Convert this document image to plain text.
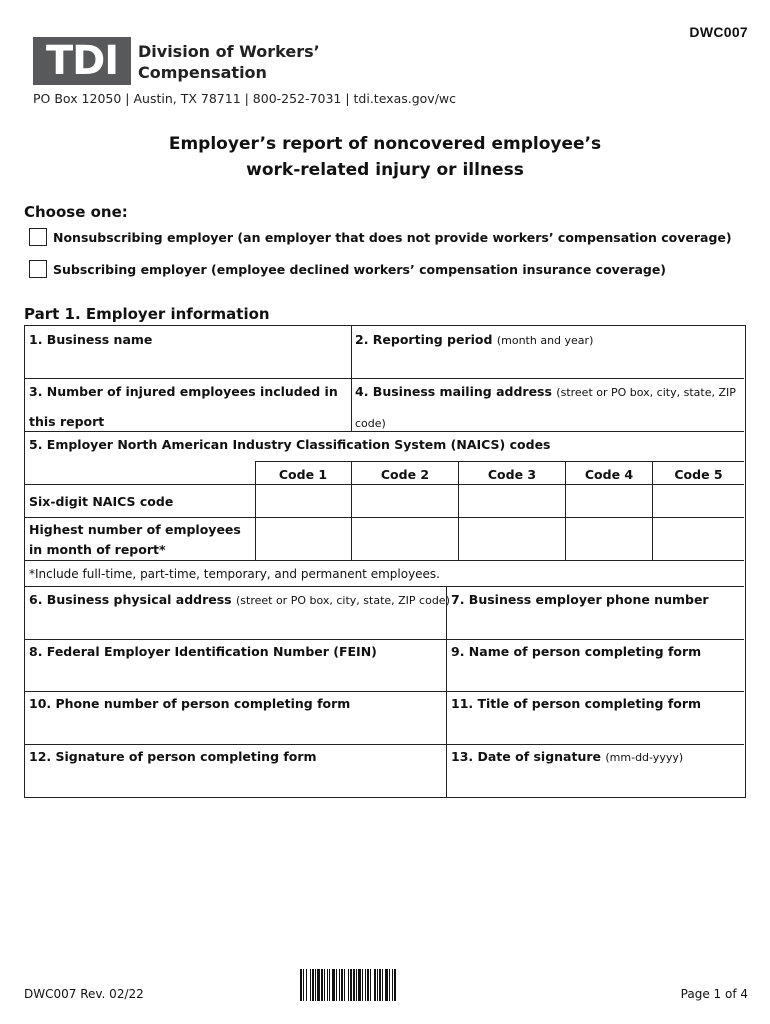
DWC007
TDI	Division of Workers’
Compensation
PO Box 12050 | Austin, TX 78711 | 800-252-7031 | tdi.texas.gov/wc
Employer’s report of noncovered employee’s
work-related injury or illness
Choose one:
Nonsubscribing employer (an employer that does not provide workers’ compensation coverage)
Subscribing employer (employee declined workers’ compensation insurance coverage)
Part 1. Employer information
1. Business name	2. Reporting period (month and year)
3. Number of injured employees included in
this report
4. Business mailing address (street or PO box, city, state, ZIP
code)
5. Employer North American Industry Classification System (NAICS) codes
Code 1	Code 2	Code 3	Code 4	Code 5
Six-digit NAICS code
Highest number of employees
in month of report*
*Include full-time, part-time, temporary, and permanent employees.
6. Business physical address (street or PO box, city, state, ZIP code) 7. Business employer phone number
8. Federal Employer Identification Number (FEIN)	9. Name of person completing form
10. Phone number of person completing form	11. Title of person completing form
12. Signature of person completing form	13. Date of signature (mm-dd-yyyy)
DWC007 Rev. 02/22	Page 1 of 4
